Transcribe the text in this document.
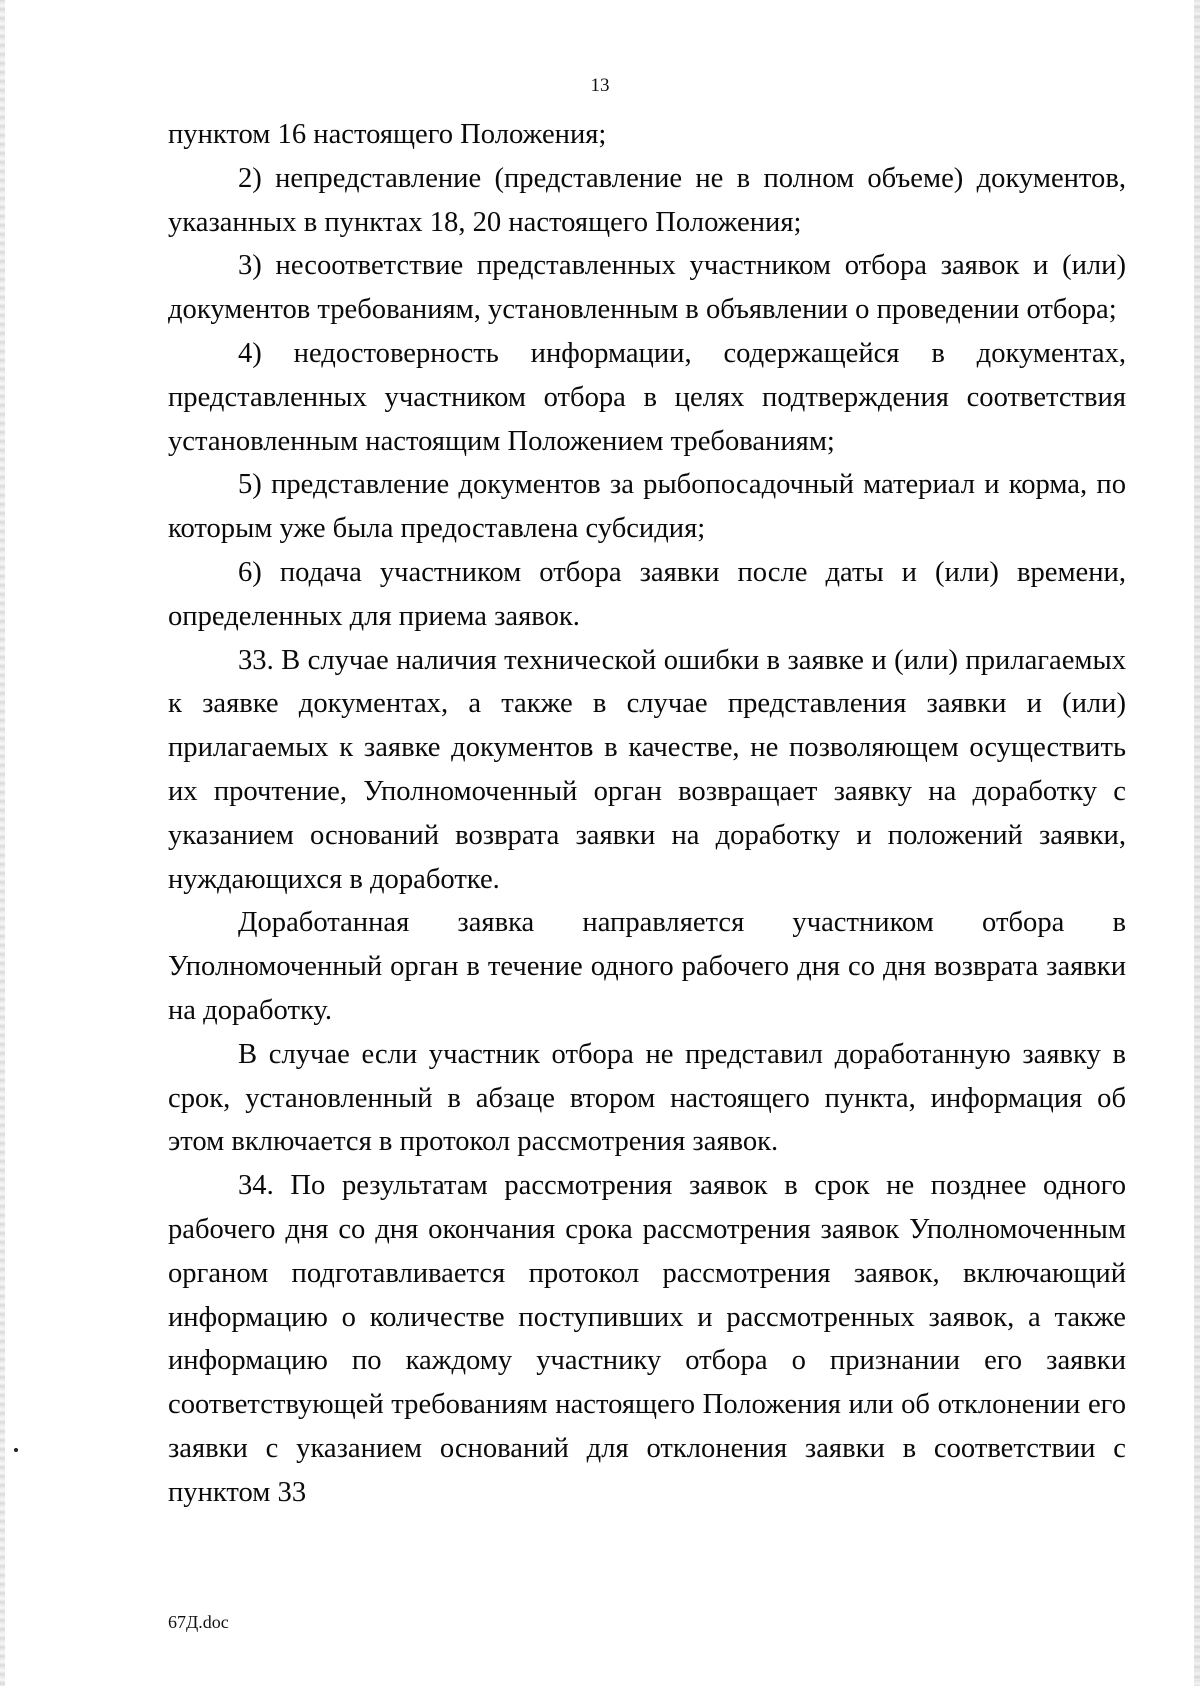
13

пунктом 16 настоящего Положения;

2) непредставление (представление не в полном объеме) документов, указанных в пунктах 18, 20 настоящего Положения;

3) несоответствие представленных участником отбора заявок и (или) документов требованиям, установленным в объявлении о проведении отбора;

4) недостоверность информации, содержащейся в документах, представленных участником отбора в целях подтверждения соответствия установленным настоящим Положением требованиям;

5) представление документов за рыбопосадочный материал и корма, по которым уже была предоставлена субсидия;

6) подача участником отбора заявки после даты и (или) времени, определенных для приема заявок.

33. В случае наличия технической ошибки в заявке и (или) прилагаемых к заявке документах, а также в случае представления заявки и (или) прилагаемых к заявке документов в качестве, не позволяющем осуществить их прочтение, Уполномоченный орган возвращает заявку на доработку с указанием оснований возврата заявки на доработку и положений заявки, нуждающихся в доработке.

Доработанная заявка направляется участником отбора в Уполномоченный орган в течение одного рабочего дня со дня возврата заявки на доработку.

В случае если участник отбора не представил доработанную заявку в срок, установленный в абзаце втором настоящего пункта, информация об этом включается в протокол рассмотрения заявок.

34. По результатам рассмотрения заявок в срок не позднее одного рабочего дня со дня окончания срока рассмотрения заявок Уполномоченным органом подготавливается протокол рассмотрения заявок, включающий информацию о количестве поступивших и рассмотренных заявок, а также информацию по каждому участнику отбора о признании его заявки соответствующей требованиям настоящего Положения или об отклонении его заявки с указанием оснований для отклонения заявки в соответствии с пунктом 33

67Д.doc
